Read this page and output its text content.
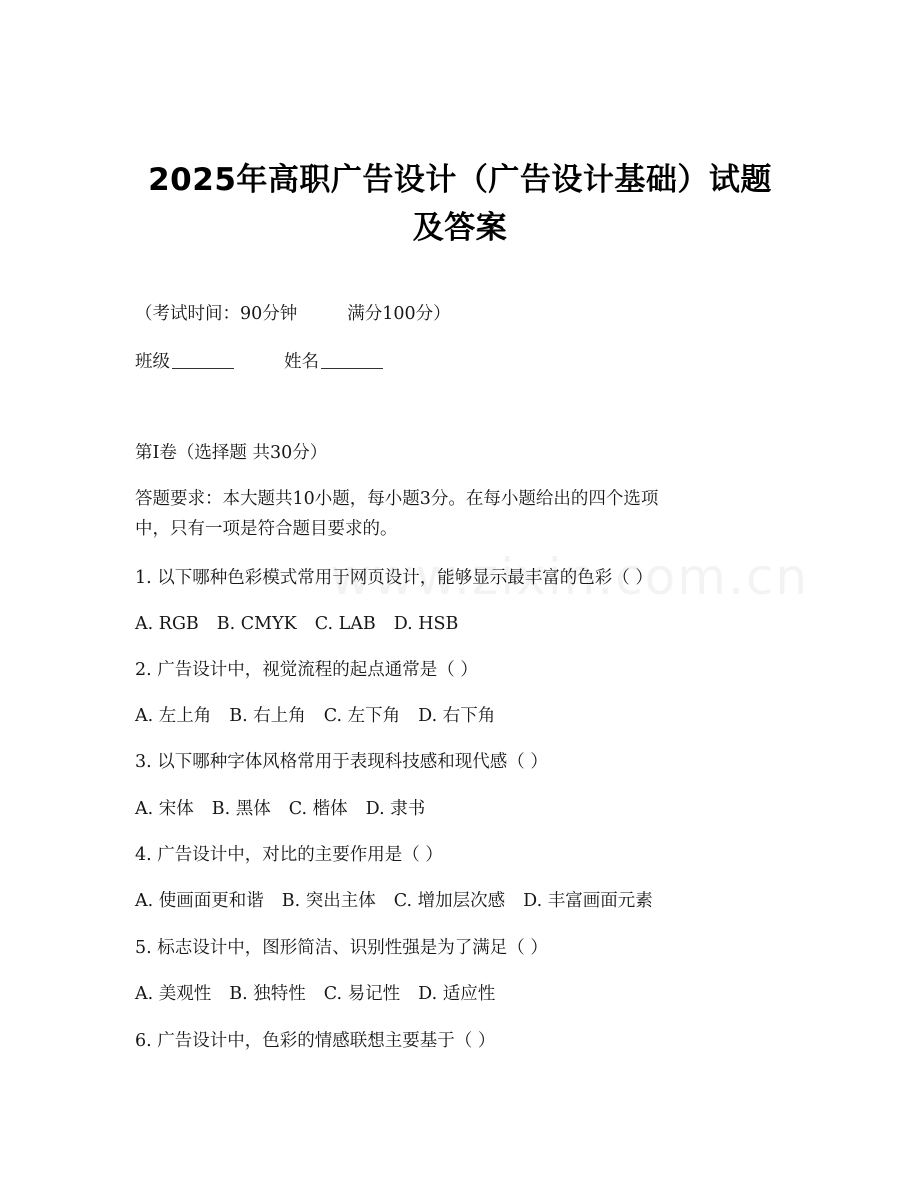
2025年高职广告设计（广告设计基础）试题
及答案
（考试时间：90分钟	满分100分）
班级	姓名
第I卷（选择题 共30分）
答题要求：本大题共10小题，每小题3分。在每小题给出的四个选项
中，只有一项是符合题目要求的。
1. 以下哪种色彩模式常用于网页设计，能够显示最丰富的色彩（ ）
A. RGB B. CMYK C. LAB D. HSB
2. 广告设计中，视觉流程的起点通常是（ ）
A. 左上角 B. 右上角 C. 左下角 D. 右下角
3. 以下哪种字体风格常用于表现科技感和现代感（ ）
A. 宋体 B. 黑体 C. 楷体 D. 隶书
4. 广告设计中，对比的主要作用是（ ）
A. 使画面更和谐 B. 突出主体 C. 增加层次感 D. 丰富画面元素
5. 标志设计中，图形简洁、识别性强是为了满足（ ）
A. 美观性 B. 独特性 C. 易记性 D. 适应性
6. 广告设计中，色彩的情感联想主要基于（ ）
